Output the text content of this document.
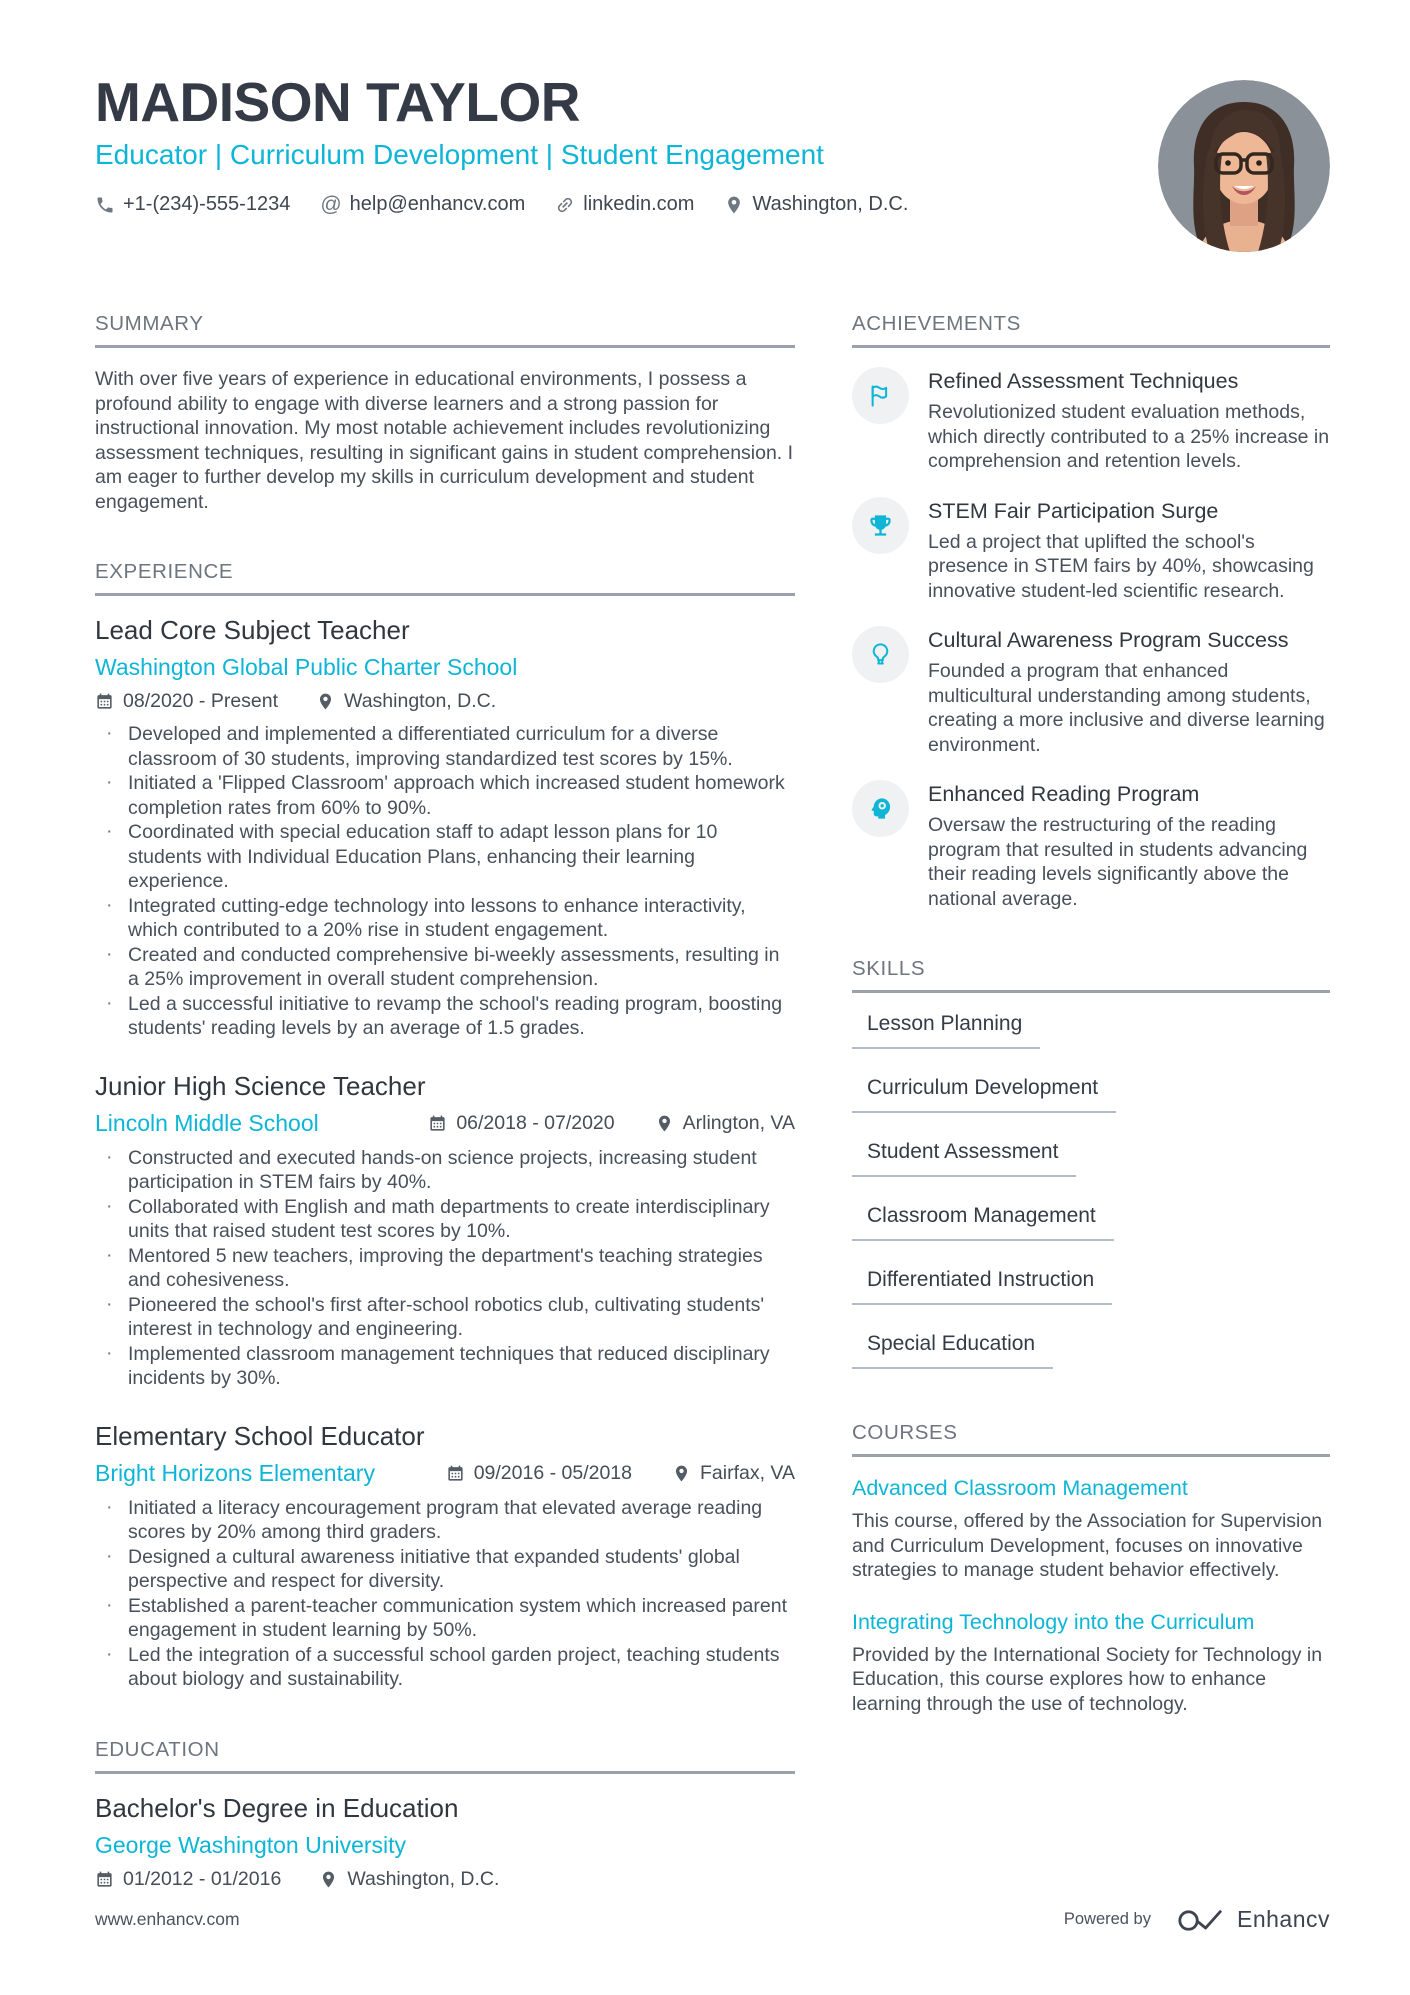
MADISON TAYLOR
Educator | Curriculum Development | Student Engagement
+1-(234)-555-1234 @ help@enhancv.com	linkedin.com	Washington, D.C.
SUMMARY

With over five years of experience in educational environments, I possess a profound ability to engage with diverse learners and a strong passion for instructional innovation. My most notable achievement includes revolutionizing assessment techniques, resulting in significant gains in student comprehension. I am eager to further develop my skills in curriculum development and student engagement.

EXPERIENCE
Lead Core Subject Teacher
Washington Global Public Charter School
08/2020 - Present	Washington, D.C.
· Developed and implemented a differentiated curriculum for a diverse classroom of 30 students, improving standardized test scores by 15%.
· Initiated a 'Flipped Classroom' approach which increased student homework completion rates from 60% to 90%.
· Coordinated with special education staff to adapt lesson plans for 10 students with Individual Education Plans, enhancing their learning experience.
· Integrated cutting-edge technology into lessons to enhance interactivity, which contributed to a 20% rise in student engagement.
· Created and conducted comprehensive bi-weekly assessments, resulting in a 25% improvement in overall student comprehension.
· Led a successful initiative to revamp the school's reading program, boosting students' reading levels by an average of 1.5 grades.
Junior High Science Teacher
Lincoln Middle School	06/2018 - 07/2020	Arlington, VA
· Constructed and executed hands-on science projects, increasing student participation in STEM fairs by 40%.
· Collaborated with English and math departments to create interdisciplinary units that raised student test scores by 10%.
· Mentored 5 new teachers, improving the department's teaching strategies and cohesiveness.
· Pioneered the school's first after-school robotics club, cultivating students' interest in technology and engineering.
· Implemented classroom management techniques that reduced disciplinary incidents by 30%.
Elementary School Educator
Bright Horizons Elementary	09/2016 - 05/2018	Fairfax, VA
· Initiated a literacy encouragement program that elevated average reading scores by 20% among third graders.
· Designed a cultural awareness initiative that expanded students' global perspective and respect for diversity.
· Established a parent-teacher communication system which increased parent engagement in student learning by 50%.
· Led the integration of a successful school garden project, teaching students about biology and sustainability.
EDUCATION
Bachelor's Degree in Education
George Washington University
01/2012 - 01/2016	Washington, D.C.
ACHIEVEMENTS
Refined Assessment Techniques
Revolutionized student evaluation methods, which directly contributed to a 25% increase in comprehension and retention levels.
STEM Fair Participation Surge
Led a project that uplifted the school's presence in STEM fairs by 40%, showcasing innovative student-led scientific research.
Cultural Awareness Program Success
Founded a program that enhanced multicultural understanding among students, creating a more inclusive and diverse learning environment.
Enhanced Reading Program
Oversaw the restructuring of the reading program that resulted in students advancing their reading levels significantly above the national average.
SKILLS
Lesson Planning
Curriculum Development
Student Assessment
Classroom Management
Differentiated Instruction
Special Education
COURSES
Advanced Classroom Management
This course, offered by the Association for Supervision and Curriculum Development, focuses on innovative strategies to manage student behavior effectively.
Integrating Technology into the Curriculum
Provided by the International Society for Technology in Education, this course explores how to enhance learning through the use of technology.
www.enhancv.com	Powered by	Enhancv
